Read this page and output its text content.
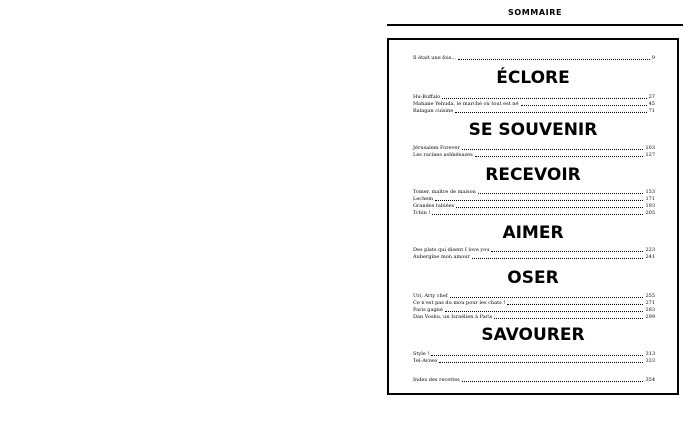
SOMMAIRE
Il était une fois...	9
ÉCLORE
Hu-Buffalo	27
Mahane Yehuda, le marché où tout est né	45
Balagan cuisine	71
SE SOUVENIR
Jérusalem Forever	103
Les racines ashkénazes	127
RECEVOIR
Tomer, maître de maison	153
Lechem	171
Grandes tablées	193
Tchin !	205
AIMER
Des plats qui disent I love you	223
Aubergine mon amour	241
OSER
Uri, Arty chef	255
Ce n'est pas du mou pour les chats !	271
Paris gagné	283
Dan Voshu, un Israélien à Paris	299
SAVOURER
Style !	313
Tel-Aviwe	333
Index des recettes	354
